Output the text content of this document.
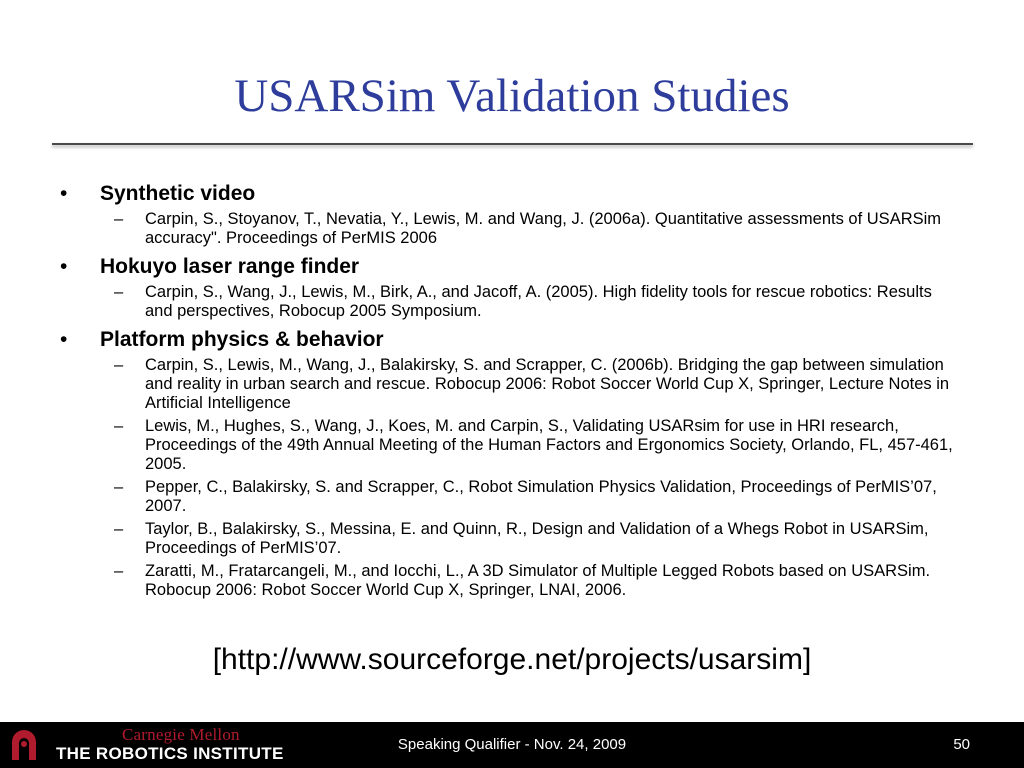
USARSim Validation Studies
• Synthetic video
– Carpin, S., Stoyanov, T., Nevatia, Y., Lewis, M. and Wang, J. (2006a). Quantitative assessments of USARSim accuracy". Proceedings of PerMIS 2006
• Hokuyo laser range finder
– Carpin, S., Wang, J., Lewis, M., Birk, A., and Jacoff, A. (2005). High fidelity tools for rescue robotics: Results and perspectives, Robocup 2005 Symposium.
• Platform physics & behavior
– Carpin, S., Lewis, M., Wang, J., Balakirsky, S. and Scrapper, C. (2006b). Bridging the gap between simulation and reality in urban search and rescue. Robocup 2006: Robot Soccer World Cup X, Springer, Lecture Notes in Artificial Intelligence
– Lewis, M., Hughes, S., Wang, J., Koes, M. and Carpin, S., Validating USARsim for use in HRI research, Proceedings of the 49th Annual Meeting of the Human Factors and Ergonomics Society, Orlando, FL, 457-461, 2005.
– Pepper, C., Balakirsky, S. and Scrapper, C., Robot Simulation Physics Validation, Proceedings of PerMIS’07, 2007.
– Taylor, B., Balakirsky, S., Messina, E. and Quinn, R., Design and Validation of a Whegs Robot in USARSim, Proceedings of PerMIS’07.
– Zaratti, M., Fratarcangeli, M., and Iocchi, L., A 3D Simulator of Multiple Legged Robots based on USARSim. Robocup 2006: Robot Soccer World Cup X, Springer, LNAI, 2006.
[http://www.sourceforge.net/projects/usarsim]
Carnegie Mellon
THE ROBOTICS INSTITUTE	Speaking Qualifier - Nov. 24, 2009	50
